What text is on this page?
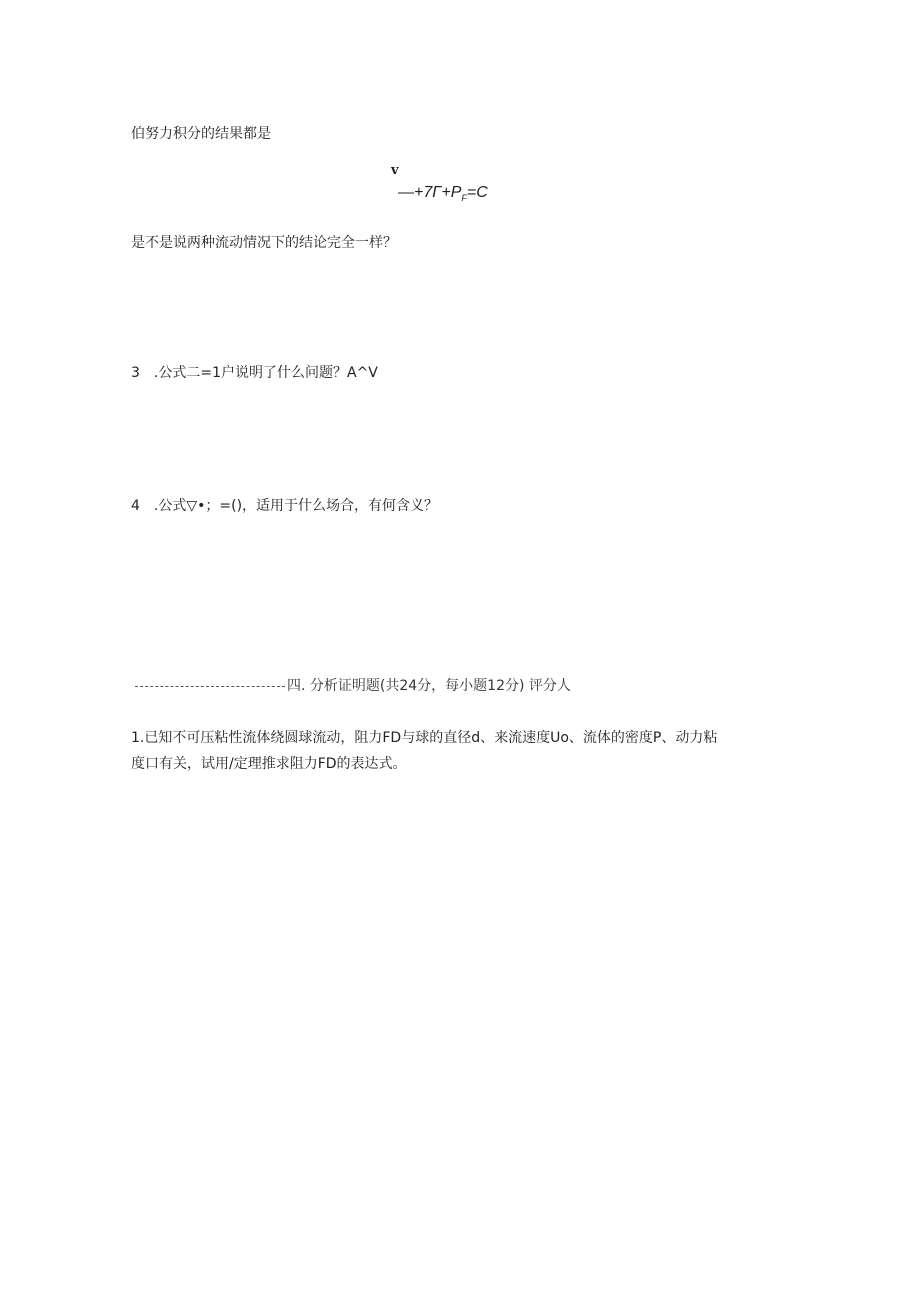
伯努力积分的结果都是
v
$—+7\Gamma+P_F=C$
是不是说两种流动情况下的结论完全一样？
3　.公式二=1户说明了什么问题？A^V
4　.公式▽•；=()，适用于什么场合，有何含义？
四. 分析证明题(共24分，每小题12分) 评分人
1.已知不可压粘性流体绕圆球流动，阻力FD与球的直径d、来流速度Uo、流体的密度P、动力粘
度口有关，试用/定理推求阻力FD的表达式。
